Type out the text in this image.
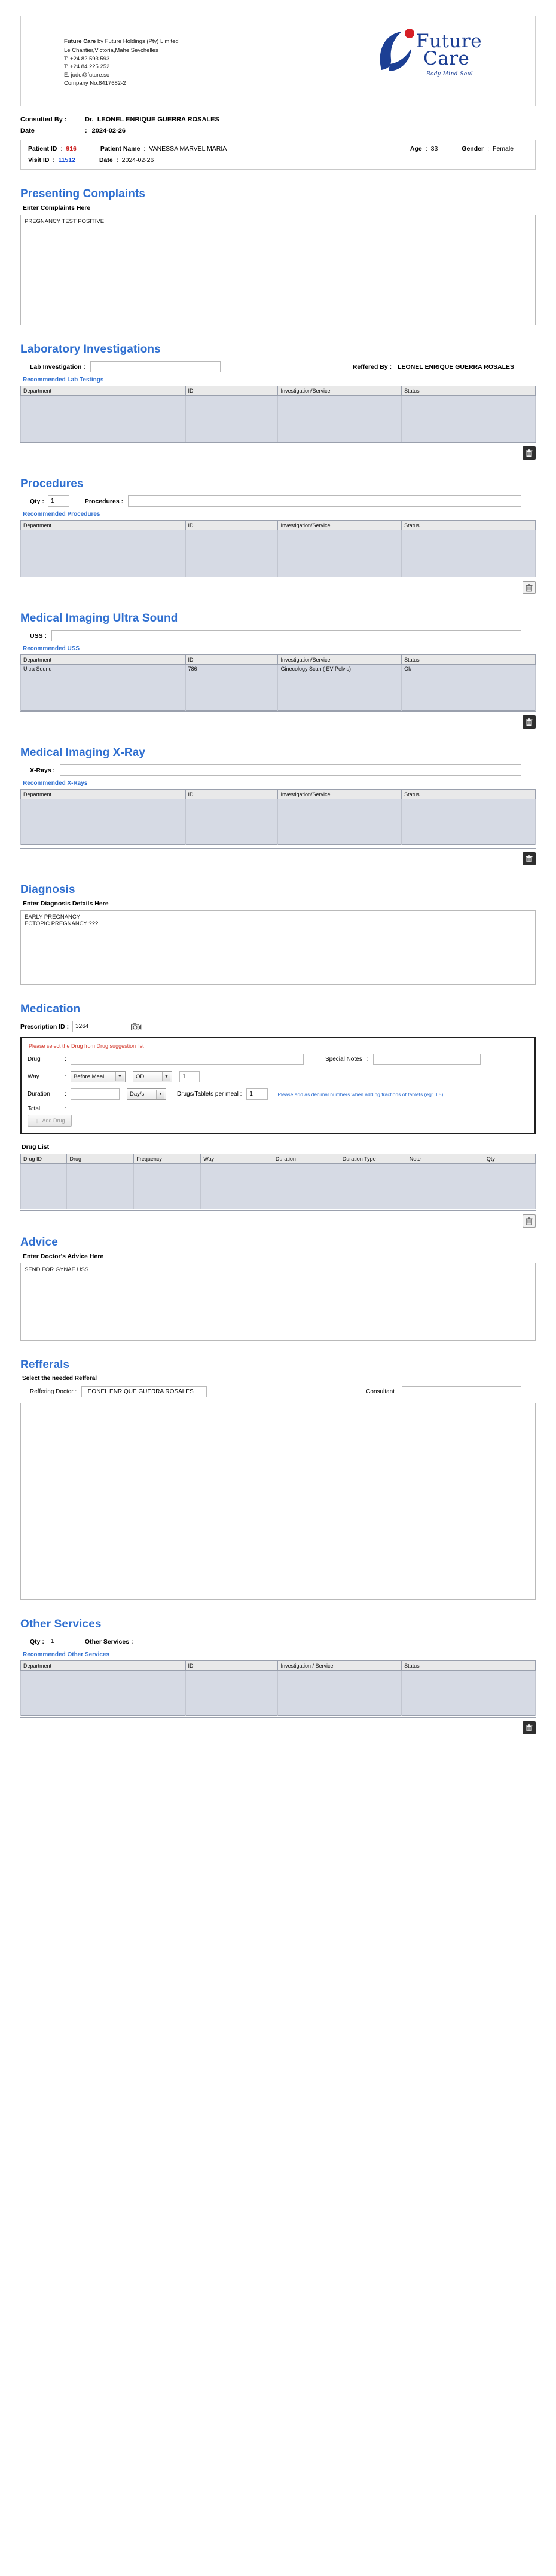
Future Care by Future Holdings (Pty) Limited
Le Chantier,Victoria,Mahe,Seychelles
T: +24 82 593 593
T: +24 84 225 252
E: jude@future.sc
Company No.8417682-2
Future
Care
Body Mind Soul
Consulted By :	Dr. LEONEL ENRIQUE GUERRA ROSALES
Date	: 2024-02-26
Patient ID : 916	Patient Name : VANESSA MARVEL MARIA	Age : 33	Gender : Female
Visit ID : 11512	Date : 2024-02-26
Presenting Complaints
Enter Complaints Here
PREGNANCY TEST POSITIVE
Laboratory Investigations
Lab Investigation :	Reffered By : LEONEL ENRIQUE GUERRA ROSALES
Recommended Lab Testings
Department	ID	Investigation/Service	Status

Procedures
Qty :
1	Procedures :
Recommended Procedures
Department	ID	Investigation/Service	Status

Medical Imaging Ultra Sound
USS :
Recommended USS
Department	ID	Investigation/Service	Status
Ultra Sound	786	Ginecology Scan ( EV Pelvis)	Ok

Medical Imaging X-Ray
X-Rays :
Recommended X-Rays
Department	ID	Investigation/Service	Status

Diagnosis
Enter Diagnosis Details Here
EARLY PREGNANCY ECTOPIC PREGNANCY ???
Medication
Prescription ID :
3264
Please select the Drug from Drug suggestion list
Drug	:	Special Notes :
Way	:	Before Meal	▼	OD	▼
1
Duration	:	Day/s	▼	Drugs/Tablets per meal :
1	Please add as decimal numbers when adding fractions of tablets (eg: 0.5)
Total	:
＋ Add Drug
Drug List
Drug ID	Drug	Frequency	Way	Duration	Duration Type	Note	Qty

Advice
Enter Doctor's Advice Here
SEND FOR GYNAE USS
Refferals
Select the needed Refferal
Reffering Doctor :
LEONEL ENRIQUE GUERRA ROSALES	Consultant
Other Services
Qty :
1	Other Services :
Recommended Other Services
Department	ID	Investigation / Service	Status
